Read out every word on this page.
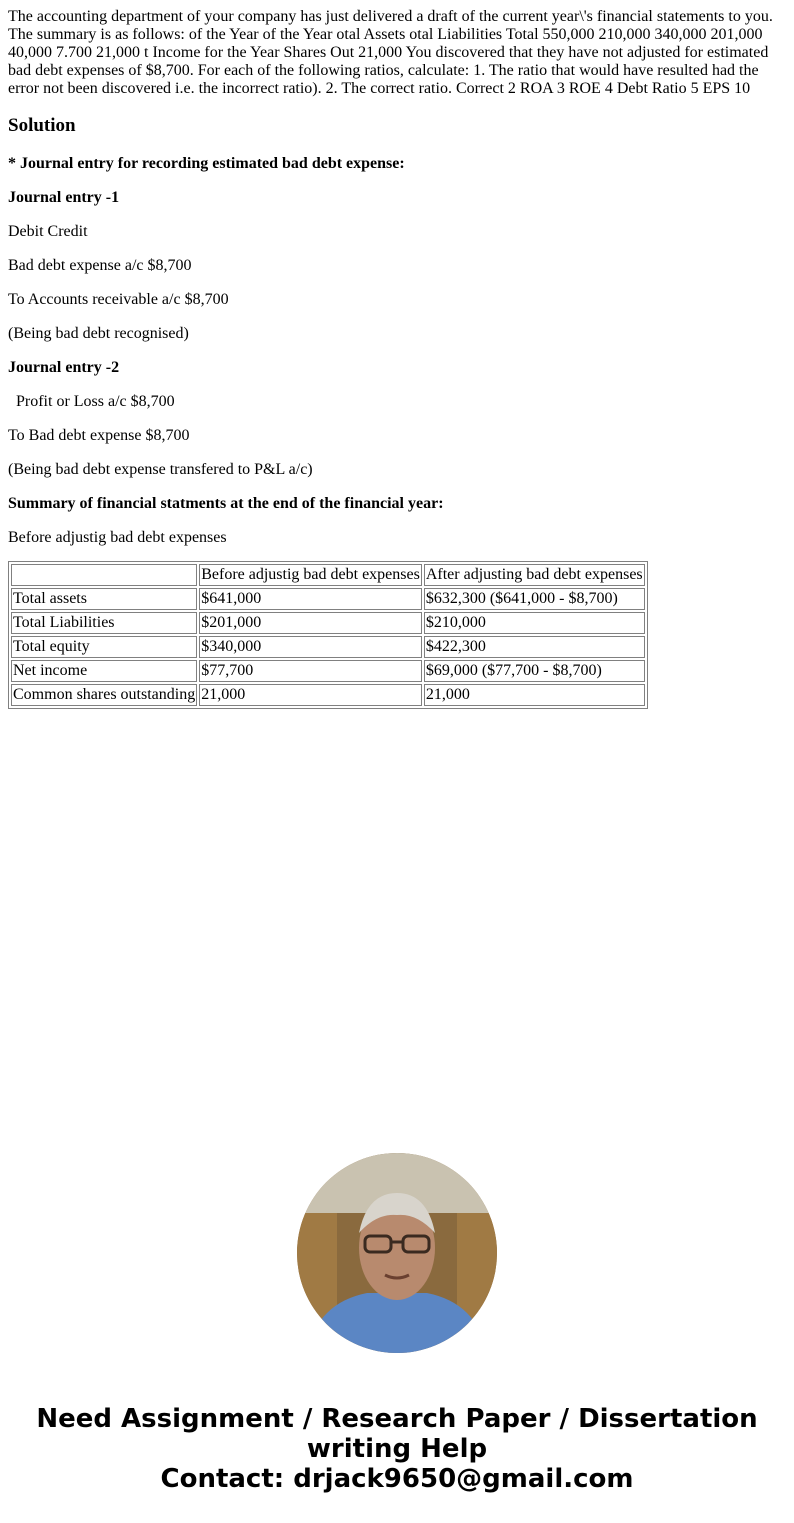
The accounting department of your company has just delivered a draft of the current year\'s financial statements to you. The summary is as follows: of the Year of the Year otal Assets otal Liabilities Total 550,000 210,000 340,000 201,000 40,000 7.700 21,000 t Income for the Year Shares Out 21,000 You discovered that they have not adjusted for estimated bad debt expenses of $8,700. For each of the following ratios, calculate: 1. The ratio that would have resulted had the error not been discovered i.e. the incorrect ratio). 2. The correct ratio. Correct 2 ROA 3 ROE 4 Debt Ratio 5 EPS 10

Solution

* Journal entry for recording estimated bad debt expense:

Journal entry -1

Debit Credit

Bad debt expense a/c $8,700

To Accounts receivable a/c $8,700

(Being bad debt recognised)

Journal entry -2

Profit or Loss a/c $8,700

To Bad debt expense $8,700

(Being bad debt expense transfered to P&L a/c)

Summary of financial statments at the end of the financial year:

Before adjustig bad debt expenses

	Before adjustig bad debt expenses	After adjusting bad debt expenses
Total assets	$641,000	$632,300 ($641,000 - $8,700)
Total Liabilities	$201,000	$210,000
Total equity	$340,000	$422,300
Net income	$77,700	$69,000 ($77,700 - $8,700)
Common shares outstanding	21,000	21,000
Need Assignment / Research Paper / Dissertation
writing Help
Contact: drjack9650@gmail.com
